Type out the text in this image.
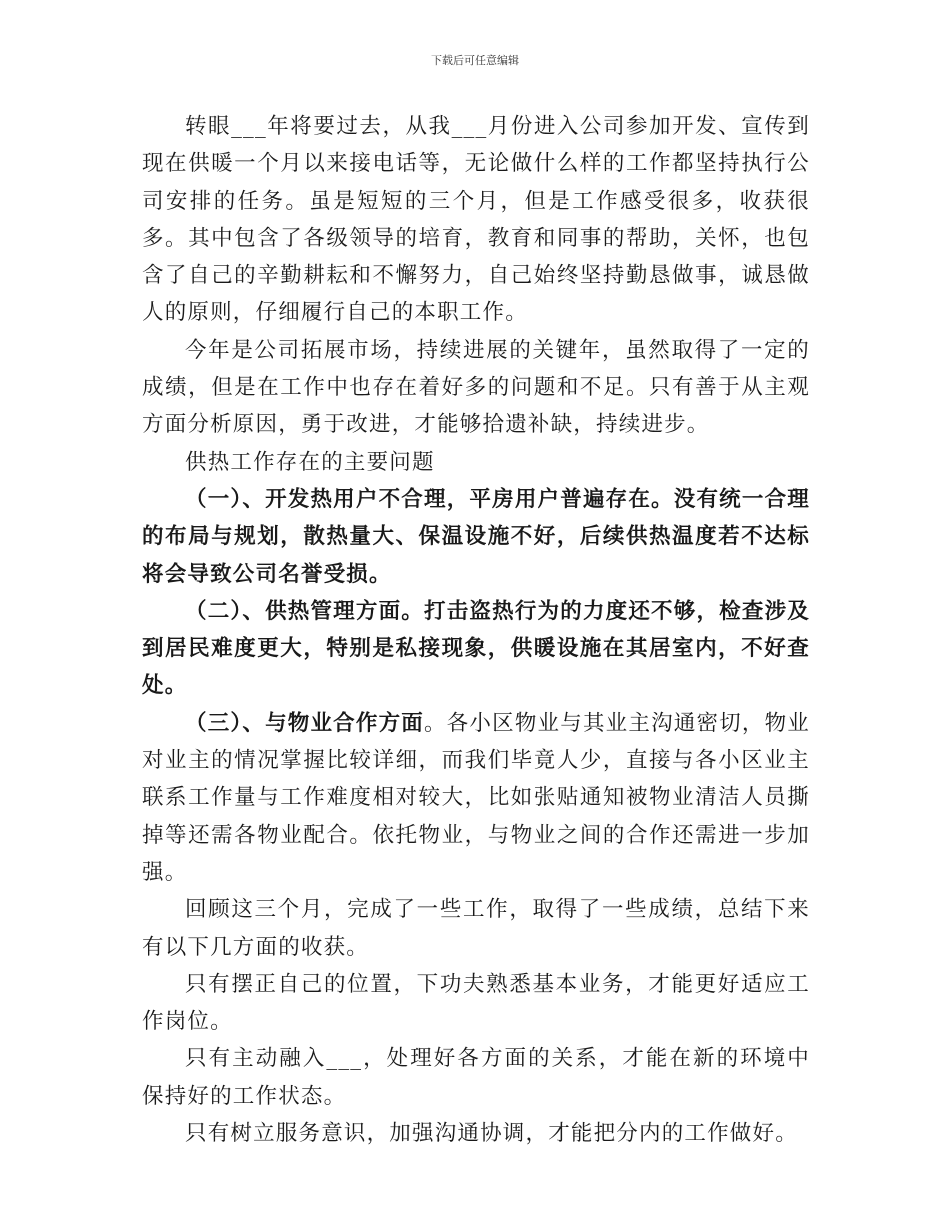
下载后可任意编辑

转眼___年将要过去，从我___月份进入公司参加开发、宣传到现在供暖一个月以来接电话等，无论做什么样的工作都坚持执行公司安排的任务。虽是短短的三个月，但是工作感受很多，收获很多。其中包含了各级领导的培育，教育和同事的帮助，关怀，也包含了自己的辛勤耕耘和不懈努力，自己始终坚持勤恳做事，诚恳做人的原则，仔细履行自己的本职工作。

今年是公司拓展市场，持续进展的关键年，虽然取得了一定的成绩，但是在工作中也存在着好多的问题和不足。只有善于从主观方面分析原因，勇于改进，才能够拾遗补缺，持续进步。

供热工作存在的主要问题

（一）、开发热用户不合理，平房用户普遍存在。没有统一合理的布局与规划，散热量大、保温设施不好，后续供热温度若不达标将会导致公司名誉受损。

（二）、供热管理方面。打击盗热行为的力度还不够，检查涉及到居民难度更大，特别是私接现象，供暖设施在其居室内，不好查处。

（三）、与物业合作方面。各小区物业与其业主沟通密切，物业对业主的情况掌握比较详细，而我们毕竟人少，直接与各小区业主联系工作量与工作难度相对较大，比如张贴通知被物业清洁人员撕掉等还需各物业配合。依托物业，与物业之间的合作还需进一步加强。

回顾这三个月，完成了一些工作，取得了一些成绩，总结下来有以下几方面的收获。

只有摆正自己的位置，下功夫熟悉基本业务，才能更好适应工作岗位。

只有主动融入___，处理好各方面的关系，才能在新的环境中保持好的工作状态。

只有树立服务意识，加强沟通协调，才能把分内的工作做好。
